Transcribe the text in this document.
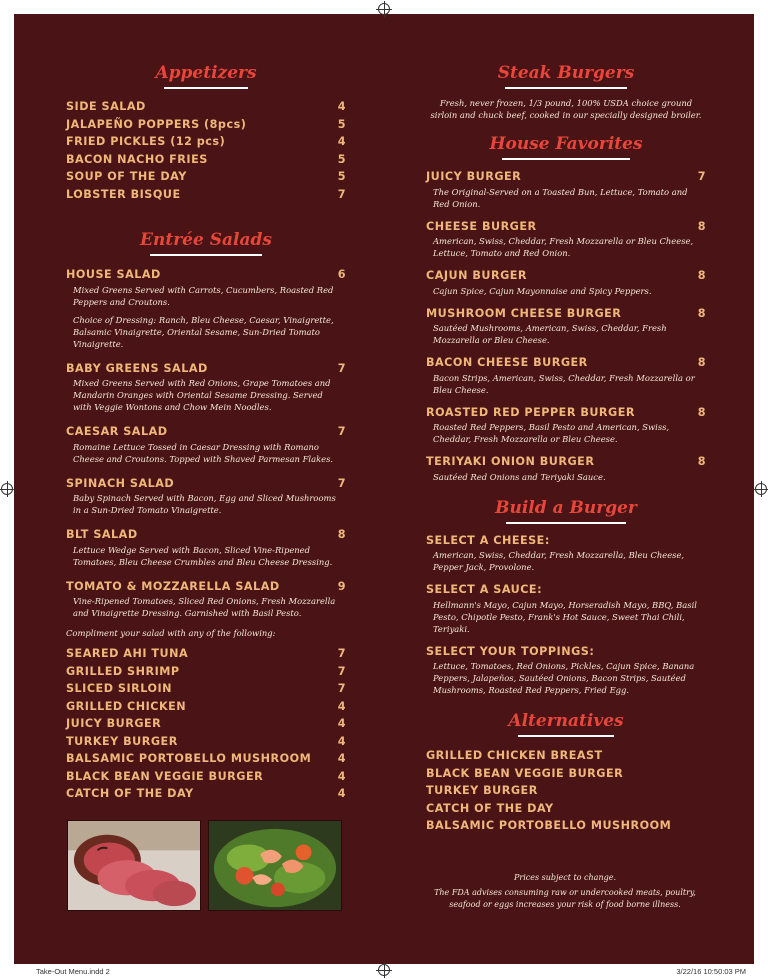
Appetizers
SIDE SALAD	4
JALAPEÑO POPPERS (8pcs)	5
FRIED PICKLES (12 pcs)	4
BACON NACHO FRIES	5
SOUP OF THE DAY	5
LOBSTER BISQUE	7
Entrée Salads
HOUSE SALAD	6
Mixed Greens Served with Carrots, Cucumbers, Roasted Red Peppers and Croutons.
Choice of Dressing: Ranch, Bleu Cheese, Caesar, Vinaigrette, Balsamic Vinaigrette, Oriental Sesame, Sun-Dried Tomato Vinaigrette.
BABY GREENS SALAD	7
Mixed Greens Served with Red Onions, Grape Tomatoes and Mandarin Oranges with Oriental Sesame Dressing. Served with Veggie Wontons and Chow Mein Noodles.
CAESAR SALAD	7
Romaine Lettuce Tossed in Caesar Dressing with Romano Cheese and Croutons. Topped with Shaved Parmesan Flakes.
SPINACH SALAD	7
Baby Spinach Served with Bacon, Egg and Sliced Mushrooms in a Sun-Dried Tomato Vinaigrette.
BLT SALAD	8
Lettuce Wedge Served with Bacon, Sliced Vine-Ripened Tomatoes, Bleu Cheese Crumbles and Bleu Cheese Dressing.
TOMATO & MOZZARELLA SALAD	9
Vine-Ripened Tomatoes, Sliced Red Onions, Fresh Mozzarella and Vinaigrette Dressing. Garnished with Basil Pesto.
Compliment your salad with any of the following:
SEARED AHI TUNA	7
GRILLED SHRIMP	7
SLICED SIRLOIN	7
GRILLED CHICKEN	4
JUICY BURGER	4
TURKEY BURGER	4
BALSAMIC PORTOBELLO MUSHROOM	4
BLACK BEAN VEGGIE BURGER	4
CATCH OF THE DAY	4
Steak Burgers
Fresh, never frozen, 1/3 pound, 100% USDA choice ground sirloin and chuck beef, cooked in our specially designed broiler.
House Favorites
JUICY BURGER	7
The Original-Served on a Toasted Bun, Lettuce, Tomato and Red Onion.
CHEESE BURGER	8
American, Swiss, Cheddar, Fresh Mozzarella or Bleu Cheese, Lettuce, Tomato and Red Onion.
CAJUN BURGER	8
Cajun Spice, Cajun Mayonnaise and Spicy Peppers.
MUSHROOM CHEESE BURGER	8
Sautéed Mushrooms, American, Swiss, Cheddar, Fresh Mozzarella or Bleu Cheese.
BACON CHEESE BURGER	8
Bacon Strips, American, Swiss, Cheddar, Fresh Mozzarella or Bleu Cheese.
ROASTED RED PEPPER BURGER	8
Roasted Red Peppers, Basil Pesto and American, Swiss, Cheddar, Fresh Mozzarella or Bleu Cheese.
TERIYAKI ONION BURGER	8
Sautéed Red Onions and Teriyaki Sauce.
Build a Burger
SELECT A CHEESE:
American, Swiss, Cheddar, Fresh Mozzarella, Bleu Cheese, Pepper Jack, Provolone.
SELECT A SAUCE:
Hellmann's Mayo, Cajun Mayo, Horseradish Mayo, BBQ, Basil Pesto, Chipotle Pesto, Frank's Hot Sauce, Sweet Thai Chili, Teriyaki.
SELECT YOUR TOPPINGS:
Lettuce, Tomatoes, Red Onions, Pickles, Cajun Spice, Banana Peppers, Jalapeños, Sautéed Onions, Bacon Strips, Sautéed Mushrooms, Roasted Red Peppers, Fried Egg.
Alternatives
GRILLED CHICKEN BREAST
BLACK BEAN VEGGIE BURGER
TURKEY BURGER
CATCH OF THE DAY
BALSAMIC PORTOBELLO MUSHROOM
Prices subject to change.
The FDA advises consuming raw or undercooked meats, poultry, seafood or eggs increases your risk of food borne illness.
Take-Out Menu.indd 2	3/22/16 10:50:03 PM
